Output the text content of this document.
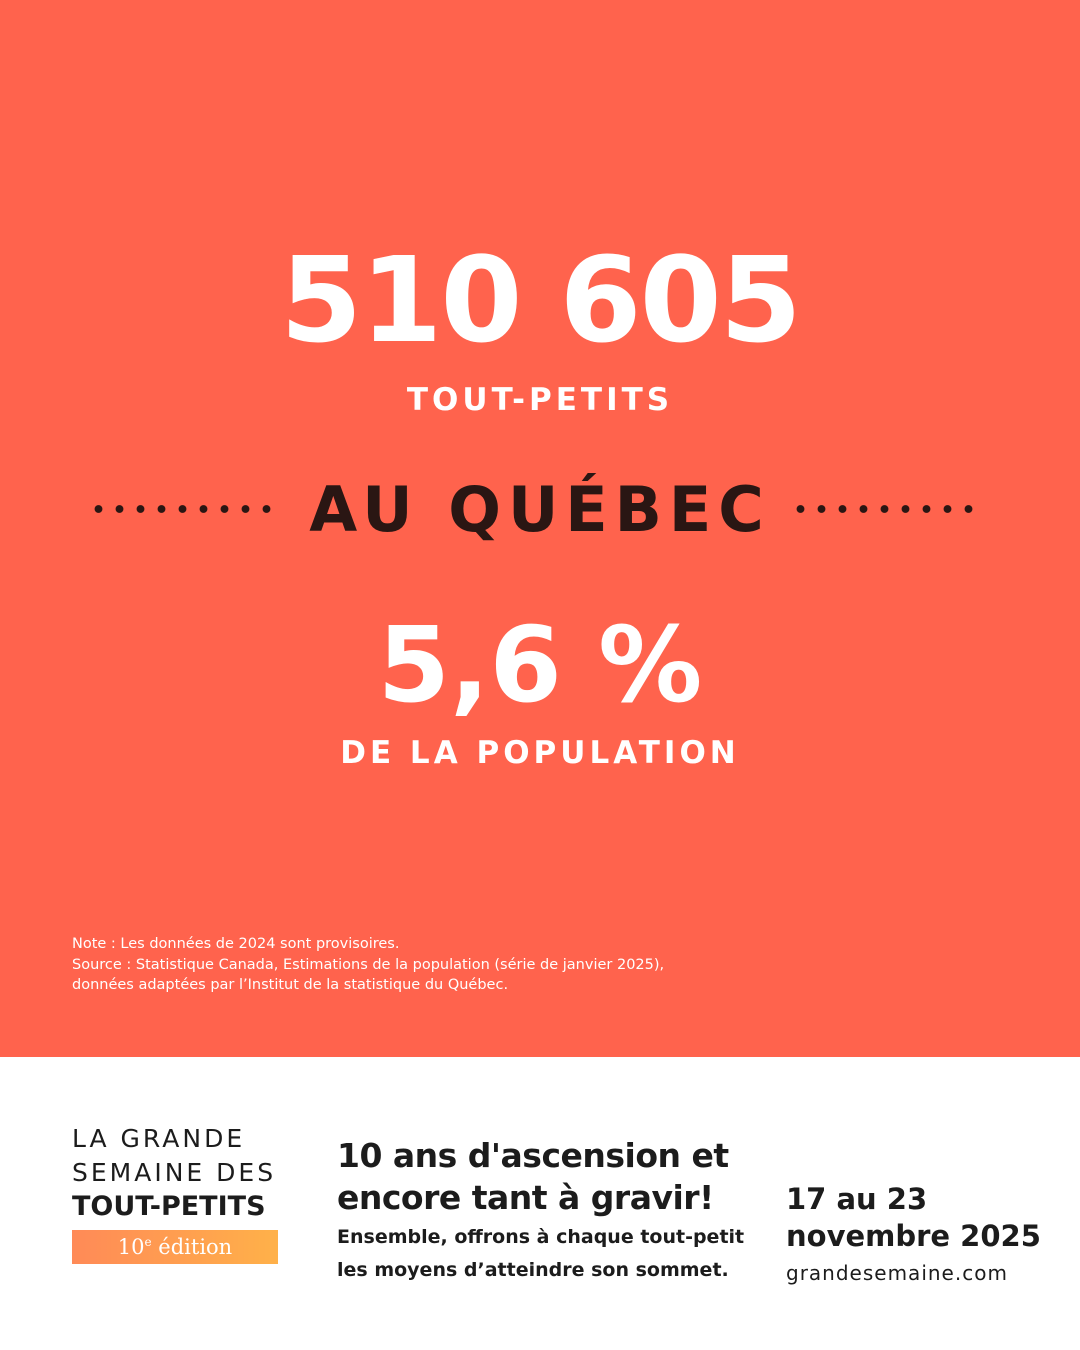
510 605
TOUT-PETITS
AU QUÉBEC
5,6 %
DE LA POPULATION
Note : Les données de 2024 sont provisoires.
Source : Statistique Canada, Estimations de la population (série de janvier 2025),
données adaptées par l’Institut de la statistique du Québec.
LA GRANDE
SEMAINE DES
TOUT-PETITS
10e édition
10 ans d'ascension et
encore tant à gravir!
Ensemble, offrons à chaque tout-petit
les moyens d’atteindre son sommet.
17 au 23
novembre 2025
grandesemaine.com
